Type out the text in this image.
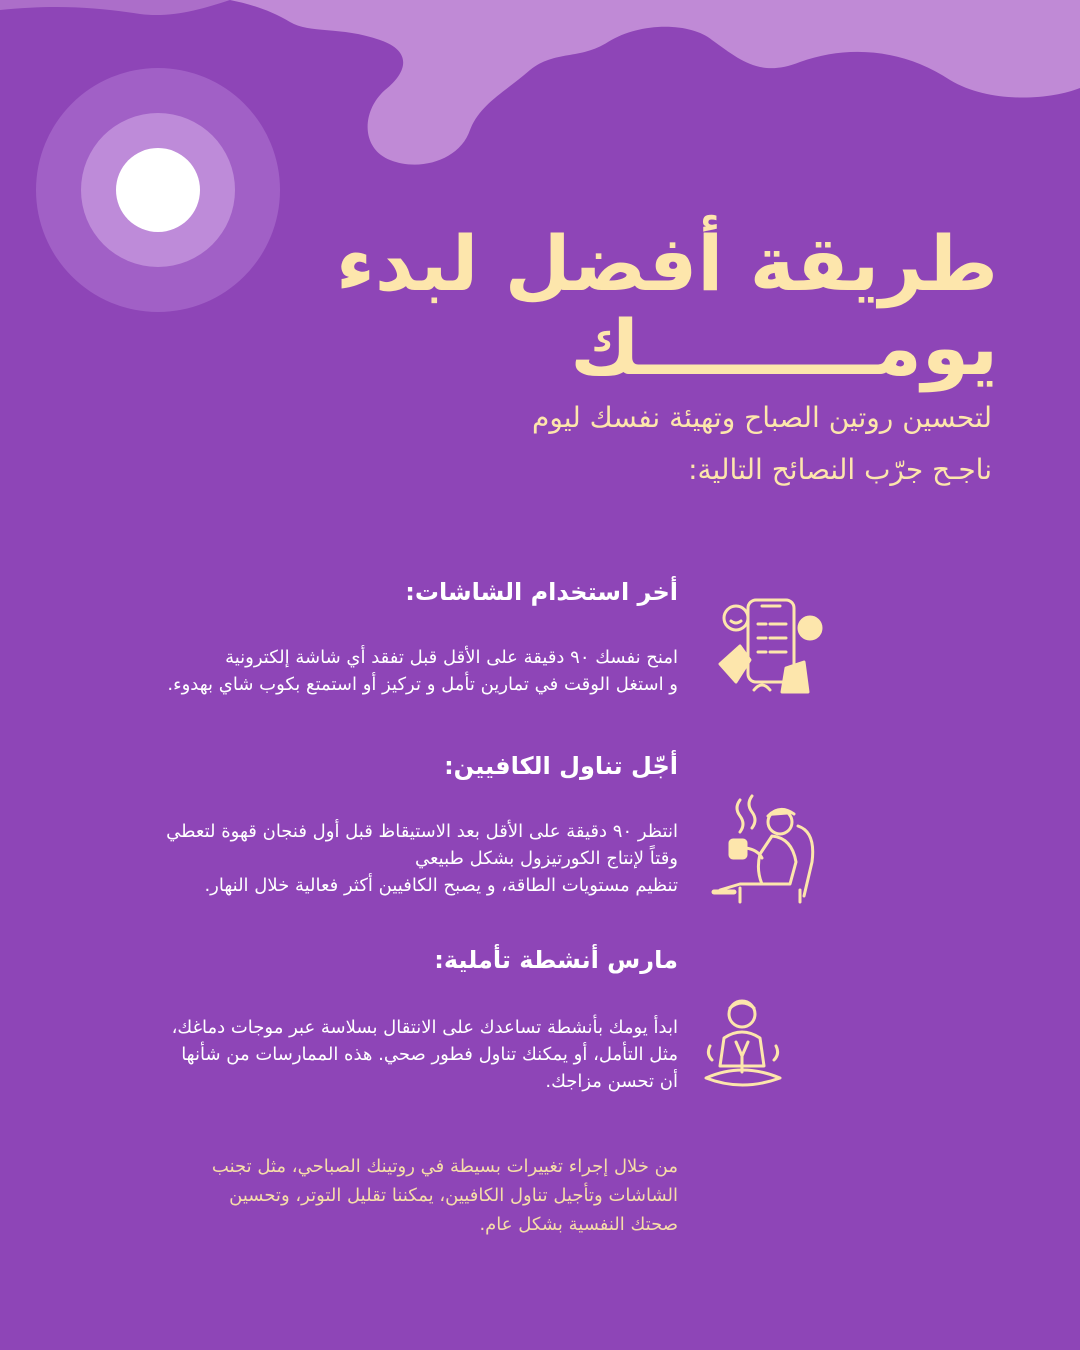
طريقة أفضل لبدء
يومـــــــــك

لتحسين روتين الصباح وتهيئة نفسك ليوم
ناجـح جرّب النصائح التالية:

أخر استخدام الشاشات:

امنح نفسك ٩٠ دقيقة على الأقل قبل تفقد أي شاشة إلكترونية
و استغل الوقت في تمارين تأمل و تركيز أو استمتع بكوب شاي بهدوء.

أجّل تناول الكافيين:

انتظر ٩٠ دقيقة على الأقل بعد الاستيقاظ قبل أول فنجان قهوة لتعطي
وقتاً لإنتاج الكورتيزول بشكل طبيعي
تنظيم مستويات الطاقة، و يصبح الكافيين أكثر فعالية خلال النهار.

مارس أنشطة تأملية:

ابدأ يومك بأنشطة تساعدك على الانتقال بسلاسة عبر موجات دماغك،
مثل التأمل، أو يمكنك تناول فطور صحي. هذه الممارسات من شأنها
أن تحسن مزاجك.

من خلال إجراء تغييرات بسيطة في روتينك الصباحي، مثل تجنب
الشاشات وتأجيل تناول الكافيين، يمكننا تقليل التوتر، وتحسين
صحتك النفسية بشكل عام.
